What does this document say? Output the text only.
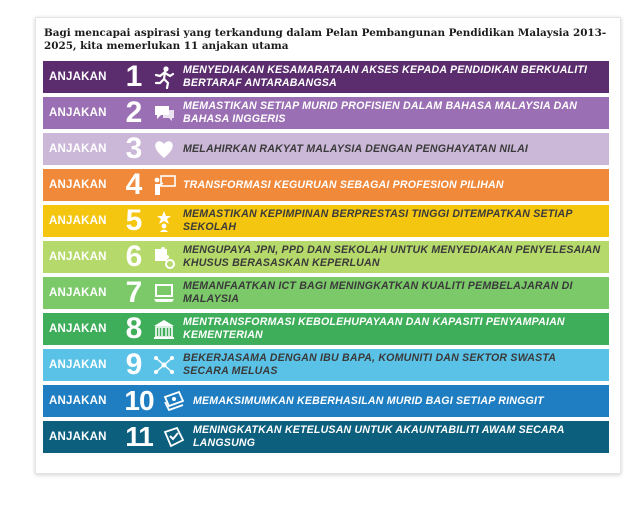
Bagi mencapai aspirasi yang terkandung dalam Pelan Pembangunan Pendidikan Malaysia 2013-2025, kita memerlukan 11 anjakan utama

ANJAKAN 1	MENYEDIAKAN KESAMARATAAN AKSES KEPADA PENDIDIKAN BERKUALITI BERTARAF ANTARABANGSA
ANJAKAN 2	MEMASTIKAN SETIAP MURID PROFISIEN DALAM BAHASA MALAYSIA DAN BAHASA INGGERIS
ANJAKAN 3	MELAHIRKAN RAKYAT MALAYSIA DENGAN PENGHAYATAN NILAI
ANJAKAN 4	TRANSFORMASI KEGURUAN SEBAGAI PROFESION PILIHAN
ANJAKAN 5	MEMASTIKAN KEPIMPINAN BERPRESTASI TINGGI DITEMPATKAN SETIAP SEKOLAH
ANJAKAN 6	MENGUPAYA JPN, PPD DAN SEKOLAH UNTUK MENYEDIAKAN PENYELESAIAN KHUSUS BERASASKAN KEPERLUAN
ANJAKAN 7	MEMANFAATKAN ICT BAGI MENINGKATKAN KUALITI PEMBELAJARAN DI MALAYSIA
ANJAKAN 8	MENTRANSFORMASI KEBOLEHUPAYAAN DAN KAPASITI PENYAMPAIAN KEMENTERIAN
ANJAKAN 9	BEKERJASAMA DENGAN IBU BAPA, KOMUNITI DAN SEKTOR SWASTA SECARA MELUAS
ANJAKAN 10	MEMAKSIMUMKAN KEBERHASILAN MURID BAGI SETIAP RINGGIT
ANJAKAN 11	MENINGKATKAN KETELUSAN UNTUK AKAUNTABILITI AWAM SECARA LANGSUNG
